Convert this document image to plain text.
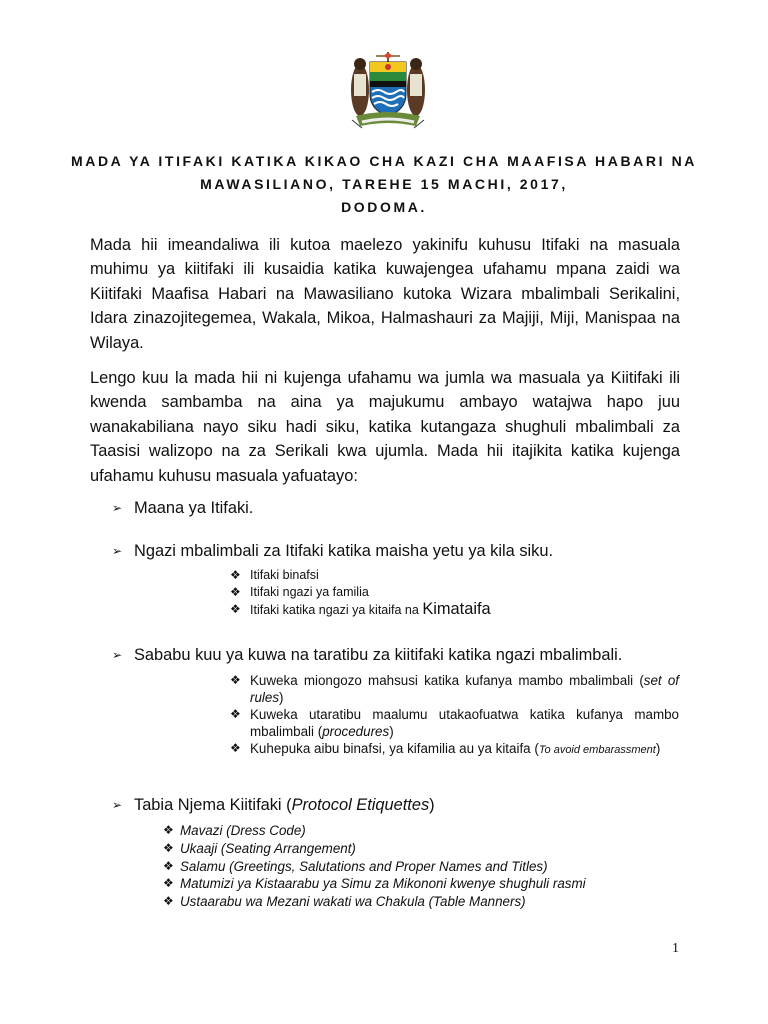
MADA YA ITIFAKI KATIKA KIKAO CHA KAZI CHA MAAFISA HABARI NA
MAWASILIANO, TAREHE 15 MACHI, 2017,
DODOMA.

Mada hii imeandaliwa ili kutoa maelezo yakinifu kuhusu Itifaki na masuala muhimu ya kiitifaki ili kusaidia katika kuwajengea ufahamu mpana zaidi wa Kiitifaki Maafisa Habari na Mawasiliano kutoka Wizara mbalimbali Serikalini, Idara zinazojitegemea, Wakala, Mikoa, Halmashauri za Majiji, Miji, Manispaa na Wilaya.

Lengo kuu la mada hii ni kujenga ufahamu wa jumla wa masuala ya Kiitifaki ili kwenda sambamba na aina ya majukumu ambayo watajwa hapo juu wanakabiliana nayo siku hadi siku, katika kutangaza shughuli mbalimbali za Taasisi walizopo na za Serikali kwa ujumla. Mada hii itajikita katika kujenga ufahamu kuhusu masuala yafuatayo:

➢ Maana ya Itifaki.
➢ Ngazi mbalimbali za Itifaki katika maisha yetu ya kila siku.
❖ Itifaki binafsi
❖ Itifaki ngazi ya familia
❖ Itifaki katika ngazi ya kitaifa na Kimataifa
➢ Sababu kuu ya kuwa na taratibu za kiitifaki katika ngazi mbalimbali.
❖ Kuweka miongozo mahsusi katika kufanya mambo mbalimbali (set of rules)
❖ Kuweka utaratibu maalumu utakaofuatwa katika kufanya mambo mbalimbali (procedures)
❖ Kuhepuka aibu binafsi, ya kifamilia au ya kitaifa (To avoid embarassment)
➢ Tabia Njema Kiitifaki (Protocol Etiquettes)
❖ Mavazi (Dress Code)
❖ Ukaaji (Seating Arrangement)
❖ Salamu (Greetings, Salutations and Proper Names and Titles)
❖ Matumizi ya Kistaarabu ya Simu za Mikononi kwenye shughuli rasmi
❖ Ustaarabu wa Mezani wakati wa Chakula (Table Manners)
1
